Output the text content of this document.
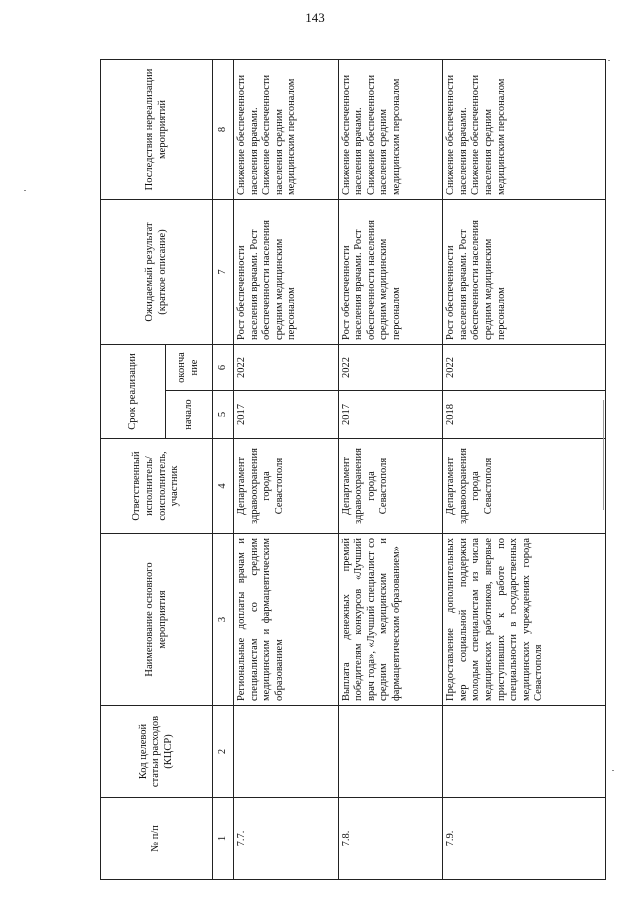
143
№ п/п	Код целевой статьи расходов (КЦСР)	Наименование основного мероприятия	Ответственный исполнитель/ соисполнитель, участник	Срок реализации		Ожидаемый результат (краткое описание)	Последствия нереализации мероприятий
				начало	оконча ние		
1	2	3	4	5	6	7	8
7.7.		Региональные доплаты врачам и специалистам со средним медицинским и фармацевтическим образованием	Департамент здравоохранения города Севастополя	2017	2022	Рост обеспеченности населения врачами. Рост обеспеченности населения средним медицинским персоналом	Снижение обеспеченности населения врачами. Снижение обеспеченности населения средним медицинским персоналом
7.8.		Выплата денежных премий победителям конкурсов «Лучший врач года», «Лучший специалист со средним медицинским и фармацевтическим образованием»	Департамент здравоохранения города Севастополя	2017	2022	Рост обеспеченности населения врачами. Рост обеспеченности населения средним медицинским персоналом	Снижение обеспеченности населения врачами. Снижение обеспеченности населения средним медицинским персоналом
7.9.		Предоставление дополнительных мер социальной поддержки молодым специалистам из числа медицинских работников, впервые приступивших к работе по специальности в государственных медицинских учреждениях города Севастополя	Департамент здравоохранения города Севастополя	2018	2022	Рост обеспеченности населения врачами. Рост обеспеченности населения средним медицинским персоналом	Снижение обеспеченности населения врачами. Снижение обеспеченности населения средним медицинским персоналом
